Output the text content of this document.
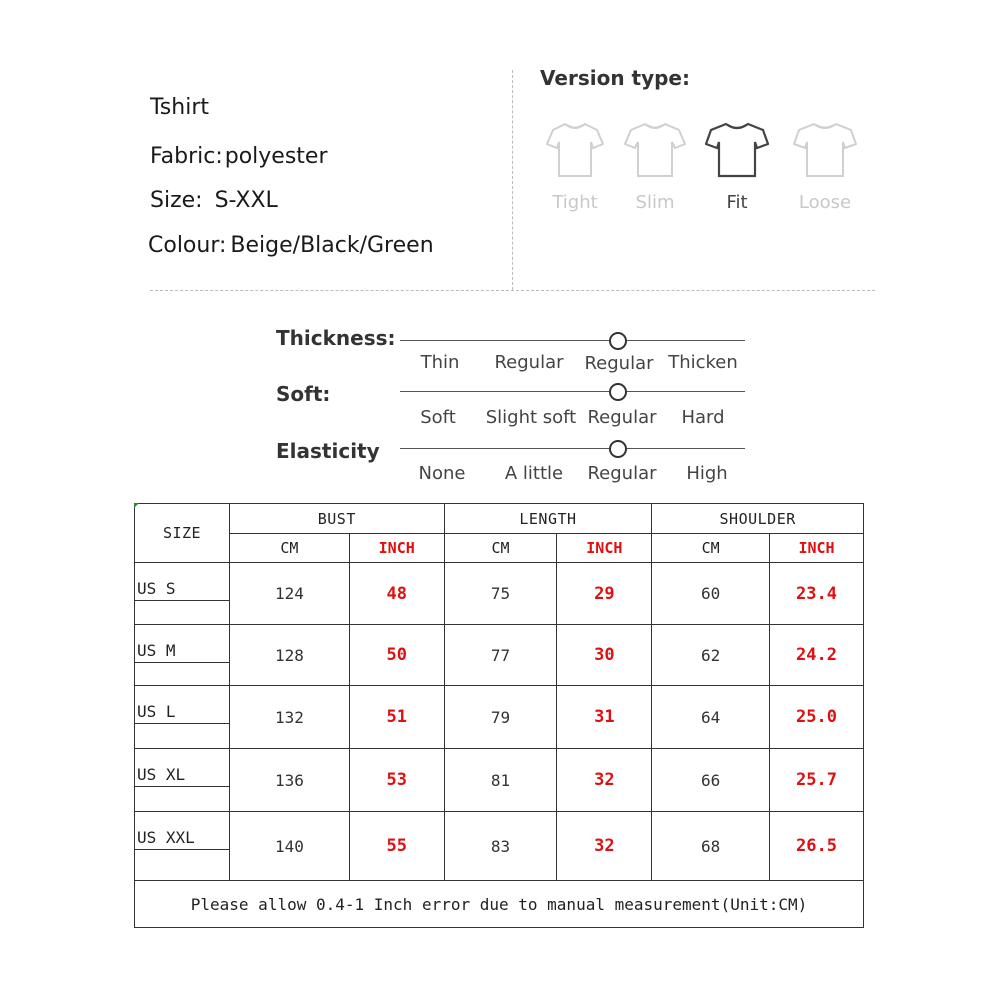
Tshirt
Fabric:polyester
Size: S-XXL
Colour: Beige/Black/Green
Version type:
Tight	Slim	Fit	Loose
Thickness:
Thin	Regular	Regular Thicken
Soft:
Soft	Slight soft Regular	Hard
Elasticity
None	A little	Regular	High
SIZE	BUST		LENGTH		SHOULDER	
	CM	INCH	CM	INCH	CM	INCH

US S	124	48	75	29	60	23.4

US M	128	50	77	30	62	24.2

US L	132	51	79	31	64	25.0

US XL	136	53	81	32	66	25.7

US XXL	140	55	83	32	68	26.5
Please allow 0.4-1 Inch error due to manual measurement(Unit:CM)						
